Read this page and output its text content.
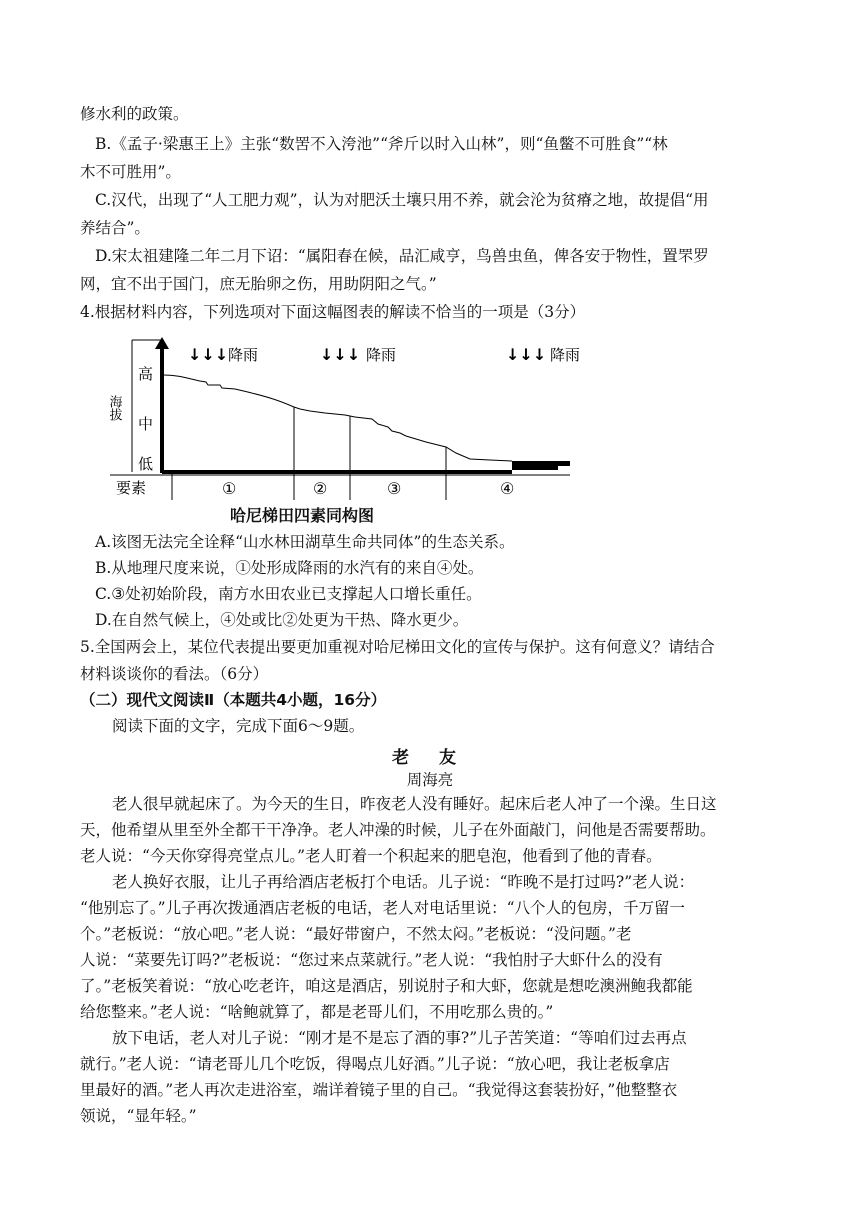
修水利的政策。
B.《孟子·梁惠王上》主张“数罟不入洿池”“斧斤以时入山林”，则“鱼鳖不可胜食”“林
木不可胜用”。
C.汉代，出现了“人工肥力观”，认为对肥沃土壤只用不养，就会沦为贫瘠之地，故提倡“用
养结合”。
D.宋太祖建隆二年二月下诏：“属阳春在候，品汇咸亨，鸟兽虫鱼，俾各安于物性，置罘罗
网，宜不出于国门，庶无胎卵之伤，用助阴阳之气。”
4.根据材料内容，下列选项对下面这幅图表的解读不恰当的一项是（3分）
↓↓↓ 降雨	↓↓↓ 降雨	↓↓↓ 降雨
高
中
低
海拔
要素	①	②	③	④
哈尼梯田四素同构图
A.该图无法完全诠释“山水林田湖草生命共同体”的生态关系。
B.从地理尺度来说，①处形成降雨的水汽有的来自④处。
C.③处初始阶段，南方水田农业已支撑起人口增长重任。
D.在自然气候上，④处或比②处更为干热、降水更少。
5.全国两会上，某位代表提出要更加重视对哈尼梯田文化的宣传与保护。这有何意义？请结合
材料谈谈你的看法。（6分）
（二）现代文阅读Ⅱ（本题共4小题，16分）
阅读下面的文字，完成下面6～9题。
老 友
周海亮
老人很早就起床了。为今天的生日，昨夜老人没有睡好。起床后老人冲了一个澡。生日这
天，他希望从里至外全都干干净净。老人冲澡的时候，儿子在外面敲门，问他是否需要帮助。
老人说：“今天你穿得亮堂点儿。”老人盯着一个积起来的肥皂泡，他看到了他的青春。
老人换好衣服，让儿子再给酒店老板打个电话。儿子说：“昨晚不是打过吗?”老人说：
“他别忘了。”儿子再次拨通酒店老板的电话，老人对电话里说：“八个人的包房，千万留一
个。”老板说：“放心吧。”老人说：“最好带窗户，不然太闷。”老板说：“没问题。”老
人说：“菜要先订吗?”老板说：“您过来点菜就行。”老人说：“我怕肘子大虾什么的没有
了。”老板笑着说：“放心吃老许，咱这是酒店，别说肘子和大虾，您就是想吃澳洲鲍我都能
给您整来。”老人说：“啥鲍就算了，都是老哥儿们，不用吃那么贵的。”
放下电话，老人对儿子说：“刚才是不是忘了酒的事?”儿子苦笑道：“等咱们过去再点
就行。”老人说：“请老哥儿几个吃饭，得喝点儿好酒。”儿子说：“放心吧，我让老板拿店
里最好的酒。”老人再次走进浴室，端详着镜子里的自己。“我觉得这套装扮好，”他整整衣
领说，“显年轻。”
